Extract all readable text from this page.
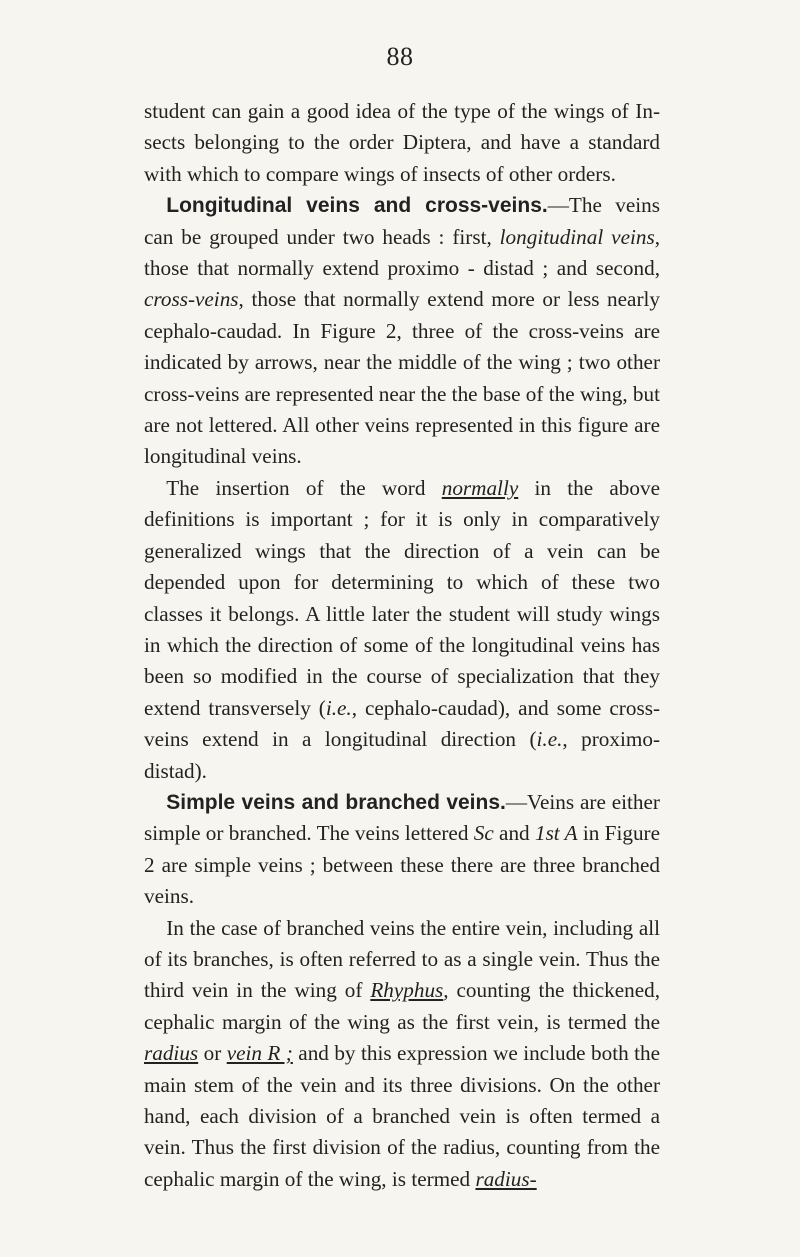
88

student can gain a good idea of the type of the wings of Insects belonging to the order Diptera, and have a standard with which to compare wings of insects of other orders.

Longitudinal veins and cross-veins.—The veins can be grouped under two heads : first, longitudinal veins, those that normally extend proximo - distad ; and second, cross-veins, those that normally extend more or less nearly cephalo-caudad. In Figure 2, three of the cross-veins are indicated by arrows, near the middle of the wing ; two other cross-veins are represented near the the base of the wing, but are not lettered. All other veins represented in this figure are longitudinal veins.

The insertion of the word normally in the above definitions is important ; for it is only in comparatively generalized wings that the direction of a vein can be depended upon for determining to which of these two classes it belongs. A little later the student will study wings in which the direction of some of the longitudinal veins has been so modified in the course of specialization that they extend transversely (i.e., cephalo-caudad), and some cross-veins extend in a longitudinal direction (i.e., proximo-distad).

Simple veins and branched veins.—Veins are either simple or branched. The veins lettered Sc and 1st A in Figure 2 are simple veins ; between these there are three branched veins.

In the case of branched veins the entire vein, including all of its branches, is often referred to as a single vein. Thus the third vein in the wing of Rhyphus, counting the thickened, cephalic margin of the wing as the first vein, is termed the radius or vein R ; and by this expression we include both the main stem of the vein and its three divisions. On the other hand, each division of a branched vein is often termed a vein. Thus the first division of the radius, counting from the cephalic margin of the wing, is termed radius-
